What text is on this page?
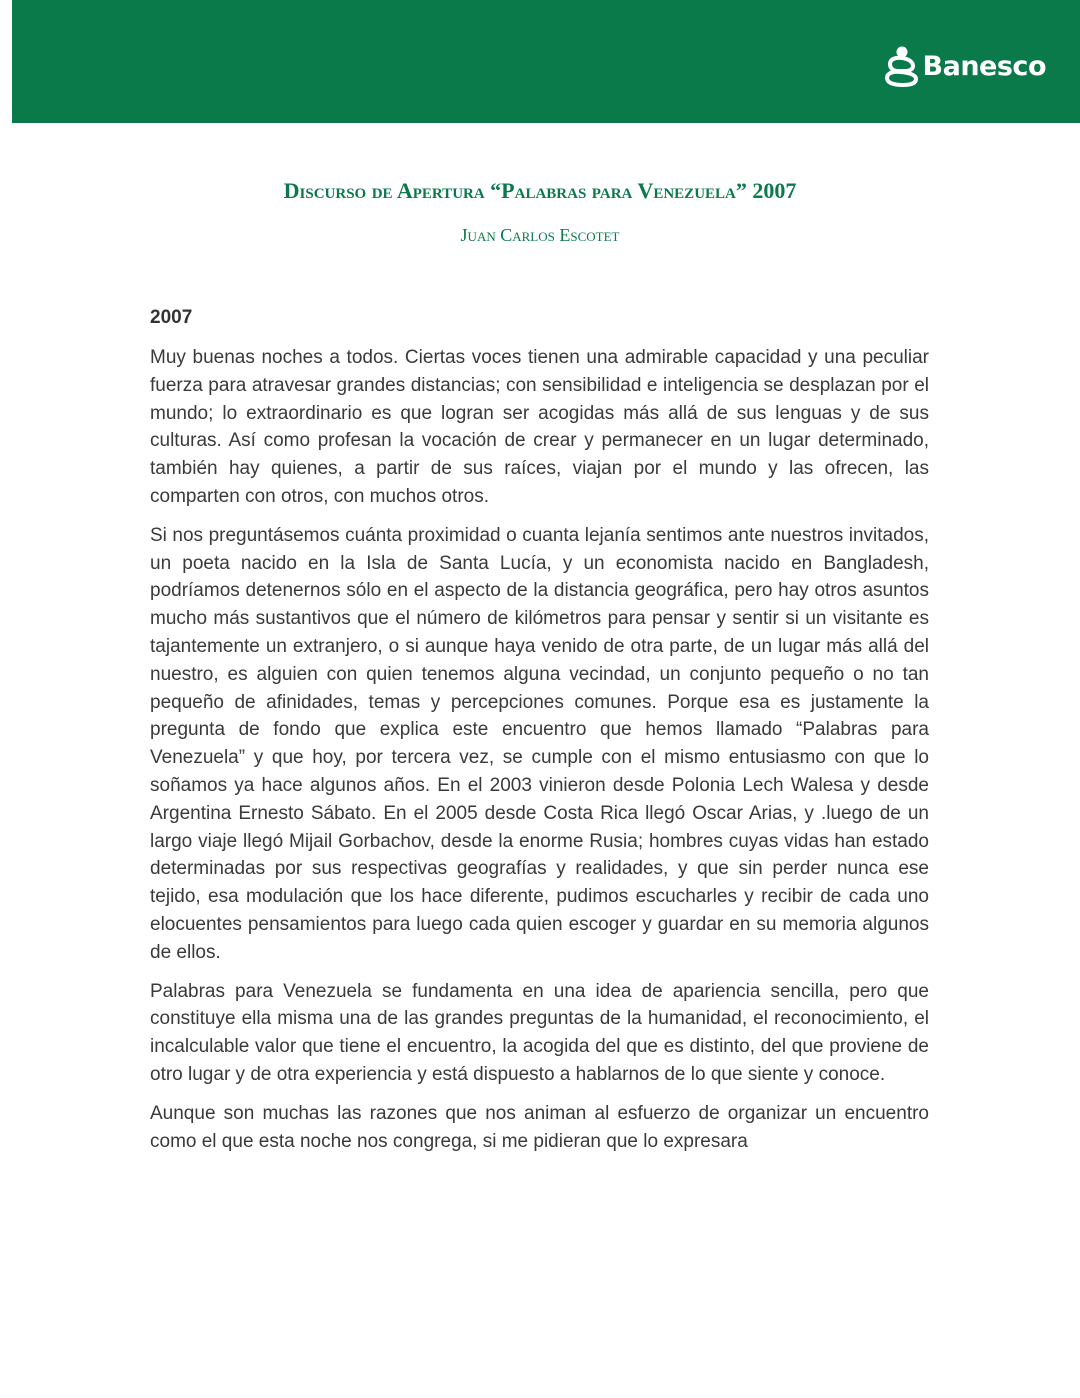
Banesco
Discurso de Apertura “Palabras para Venezuela” 2007
Juan Carlos Escotet
2007

Muy buenas noches a todos. Ciertas voces tienen una admirable capacidad y una peculiar fuerza para atravesar grandes distancias; con sensibilidad e inteligencia se desplazan por el mundo; lo extraordinario es que logran ser acogidas más allá de sus lenguas y de sus culturas. Así como profesan la vocación de crear y permanecer en un lugar determinado, también hay quienes, a partir de sus raíces, viajan por el mundo y las ofrecen, las comparten con otros, con muchos otros.

Si nos preguntásemos cuánta proximidad o cuanta lejanía sentimos ante nuestros invitados, un poeta nacido en la Isla de Santa Lucía, y un economista nacido en Bangladesh, podríamos detenernos sólo en el aspecto de la distancia geográfica, pero hay otros asuntos mucho más sustantivos que el número de kilómetros para pensar y sentir si un visitante es tajantemente un extranjero, o si aunque haya venido de otra parte, de un lugar más allá del nuestro, es alguien con quien tenemos alguna vecindad, un conjunto pequeño o no tan pequeño de afinidades, temas y percepciones comunes. Porque esa es justamente la pregunta de fondo que explica este encuentro que hemos llamado “Palabras para Venezuela” y que hoy, por tercera vez, se cumple con el mismo entusiasmo con que lo soñamos ya hace algunos años. En el 2003 vinieron desde Polonia Lech Walesa y desde Argentina Ernesto Sábato. En el 2005 desde Costa Rica llegó Oscar Arias, y .luego de un largo viaje llegó Mijail Gorbachov, desde la enorme Rusia; hombres cuyas vidas han estado determinadas por sus respectivas geografías y realidades, y que sin perder nunca ese tejido, esa modulación que los hace diferente, pudimos escucharles y recibir de cada uno elocuentes pensamientos para luego cada quien escoger y guardar en su memoria algunos de ellos.

Palabras para Venezuela se fundamenta en una idea de apariencia sencilla, pero que constituye ella misma una de las grandes preguntas de la humanidad, el reconocimiento, el incalculable valor que tiene el encuentro, la acogida del que es distinto, del que proviene de otro lugar y de otra experiencia y está dispuesto a hablarnos de lo que siente y conoce.

Aunque son muchas las razones que nos animan al esfuerzo de organizar un encuentro como el que esta noche nos congrega, si me pidieran que lo expresara
